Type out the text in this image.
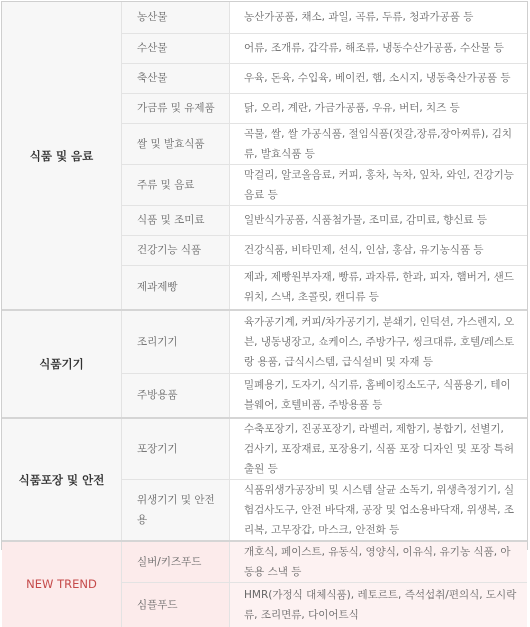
식품 및 음료	농산물	농산가공품, 채소, 과일, 곡류, 두류, 청과가공품 등
	수산물	어류, 조개류, 갑각류, 해조류, 냉동수산가공품, 수산물 등
	축산물	우육, 돈육, 수입육, 베이컨, 햄, 소시지, 냉동축산가공품 등
	가금류 및 유제품	닭, 오리, 계란, 가금가공품, 우유, 버터, 치즈 등
	쌀 및 발효식품	곡물, 쌀, 쌀 가공식품, 절임식품(젓갈,장류,장아찌류), 김치류, 발효식품 등
	주류 및 음료	막걸리, 알코올음료, 커피, 홍차, 녹차, 잎차, 와인, 건강기능 음료 등
	식품 및 조미료	일반식가공품, 식품첨가물, 조미료, 감미료, 향신료 등
	건강기능 식품	건강식품, 비타민제, 선식, 인삼, 홍삼, 유기농식품 등
	제과제빵	제과, 제빵원부자재, 빵류, 과자류, 한과, 피자, 햄버거, 샌드위치, 스낵, 초콜릿, 캔디류 등
식품기기	조리기기	육가공기계, 커피/차가공기기, 분쇄기, 인덕션, 가스렌지, 오븐, 냉동냉장고, 쇼케이스, 주방가구, 씽크대류, 호텔/레스토랑 용품, 급식시스템, 급식설비 및 자재 등
	주방용품	밀폐용기, 도자기, 식기류, 홈베이킹소도구, 식품용기, 테이블웨어, 호텔비품, 주방용품 등
식품포장 및 안전	포장기기	수축포장기, 진공포장기, 라벨러, 제함기, 봉합기, 선별기, 검사기, 포장재료, 포장용기, 식품 포장 디자인 및 포장 특허출원 등
	위생기기 및 안전용	식품위생가공장비 및 시스템 살균 소독기, 위생측정기기, 실험검사도구, 안전 바닥재, 공장 및 업소용바닥재, 위생복, 조리복, 고무장갑, 마스크, 안전화 등
NEW TREND	실버/키즈푸드	개호식, 페이스트, 유동식, 영양식, 이유식, 유기농 식품, 아동용 스낵 등
	심플푸드	HMR(가정식 대체식품), 레토르트, 즉석섭취/편의식, 도시락류, 조리면류, 다이어트식
